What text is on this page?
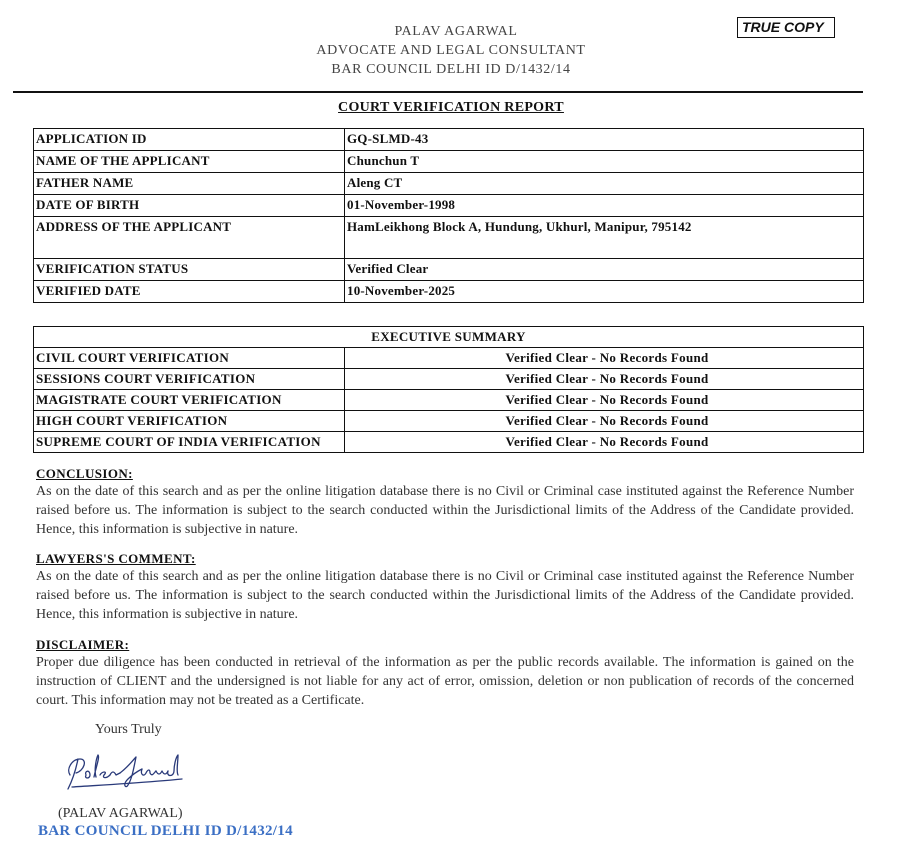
PALAV AGARWAL
ADVOCATE AND LEGAL CONSULTANT
BAR COUNCIL DELHI ID D/1432/14
TRUE COPY
COURT VERIFICATION REPORT
APPLICATION ID	GQ-SLMD-43
NAME OF THE APPLICANT	Chunchun T
FATHER NAME	Aleng CT
DATE OF BIRTH	01-November-1998
ADDRESS OF THE APPLICANT	HamLeikhong Block A, Hundung, Ukhurl, Manipur, 795142
VERIFICATION STATUS	Verified Clear
VERIFIED DATE	10-November-2025
EXECUTIVE SUMMARY	
CIVIL COURT VERIFICATION	Verified Clear - No Records Found
SESSIONS COURT VERIFICATION	Verified Clear - No Records Found
MAGISTRATE COURT VERIFICATION	Verified Clear - No Records Found
HIGH COURT VERIFICATION	Verified Clear - No Records Found
SUPREME COURT OF INDIA VERIFICATION	Verified Clear - No Records Found
CONCLUSION:
As on the date of this search and as per the online litigation database there is no Civil or Criminal case instituted against the Reference Number raised before us. The information is subject to the search conducted within the Jurisdictional limits of the Address of the Candidate provided. Hence, this information is subjective in nature.
LAWYERS'S COMMENT:
As on the date of this search and as per the online litigation database there is no Civil or Criminal case instituted against the Reference Number raised before us. The information is subject to the search conducted within the Jurisdictional limits of the Address of the Candidate provided. Hence, this information is subjective in nature.
DISCLAIMER:
Proper due diligence has been conducted in retrieval of the information as per the public records available. The information is gained on the instruction of CLIENT and the undersigned is not liable for any act of error, omission, deletion or non publication of records of the concerned court. This information may not be treated as a Certificate.
Yours Truly
(PALAV AGARWAL)
BAR COUNCIL DELHI ID D/1432/14
